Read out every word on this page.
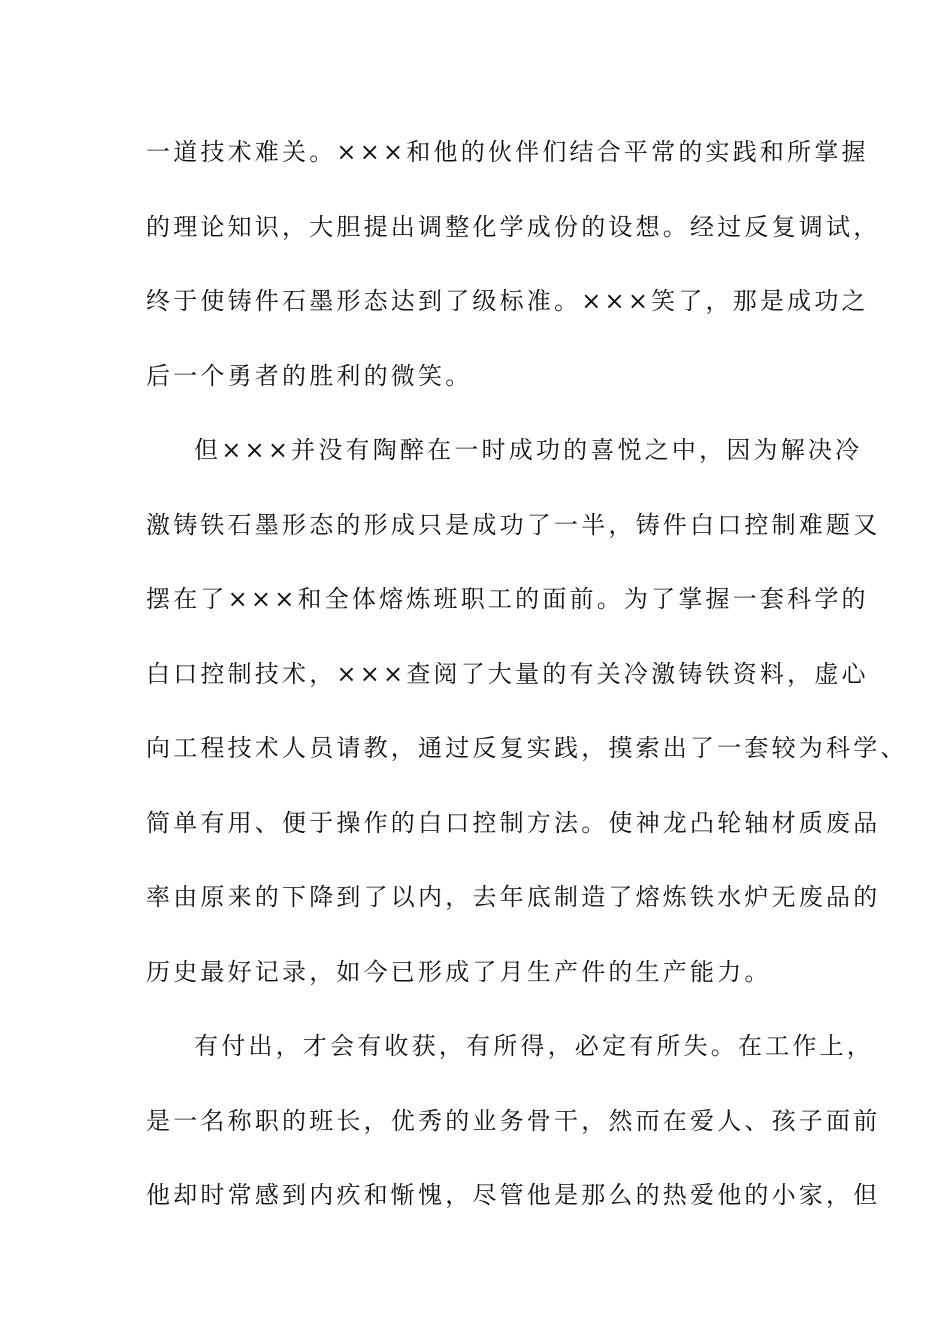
一道技术难关。×××和他的伙伴们结合平常的实践和所掌握
的理论知识，大胆提出调整化学成份的设想。经过反复调试，
终于使铸件石墨形态达到了级标准。×××笑了，那是成功之
后一个勇者的胜利的微笑。
但×××并没有陶醉在一时成功的喜悦之中，因为解决冷
激铸铁石墨形态的形成只是成功了一半，铸件白口控制难题又
摆在了×××和全体熔炼班职工的面前。为了掌握一套科学的
白口控制技术，×××查阅了大量的有关冷激铸铁资料，虚心
向工程技术人员请教，通过反复实践，摸索出了一套较为科学、
简单有用、便于操作的白口控制方法。使神龙凸轮轴材质废品
率由原来的下降到了以内，去年底制造了熔炼铁水炉无废品的
历史最好记录，如今已形成了月生产件的生产能力。
有付出，才会有收获，有所得，必定有所失。在工作上，
是一名称职的班长，优秀的业务骨干，然而在爱人、孩子面前
他却时常感到内疚和惭愧，尽管他是那么的热爱他的小家，但
